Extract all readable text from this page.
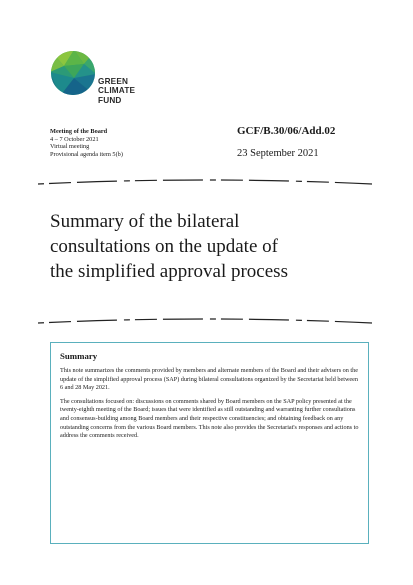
GREEN
CLIMATE
FUND
Meeting of the Board
4 – 7 October 2021
Virtual meeting
Provisional agenda item 5(b)
GCF/B.30/06/Add.02
23 September 2021
Summary of the bilateral
consultations on the update of
the simplified approval process
Summary

This note summarizes the comments provided by members and alternate members of the Board and their advisers on the update of the simplified approval process (SAP) during bilateral consultations organized by the Secretariat held between 6 and 28 May 2021.

The consultations focused on: discussions on comments shared by Board members on the SAP policy presented at the twenty-eighth meeting of the Board; issues that were identified as still outstanding and warranting further consultations and consensus-building among Board members and their respective constituencies; and obtaining feedback on any outstanding concerns from the various Board members. This note also provides the Secretariat's responses and actions to address the comments received.
